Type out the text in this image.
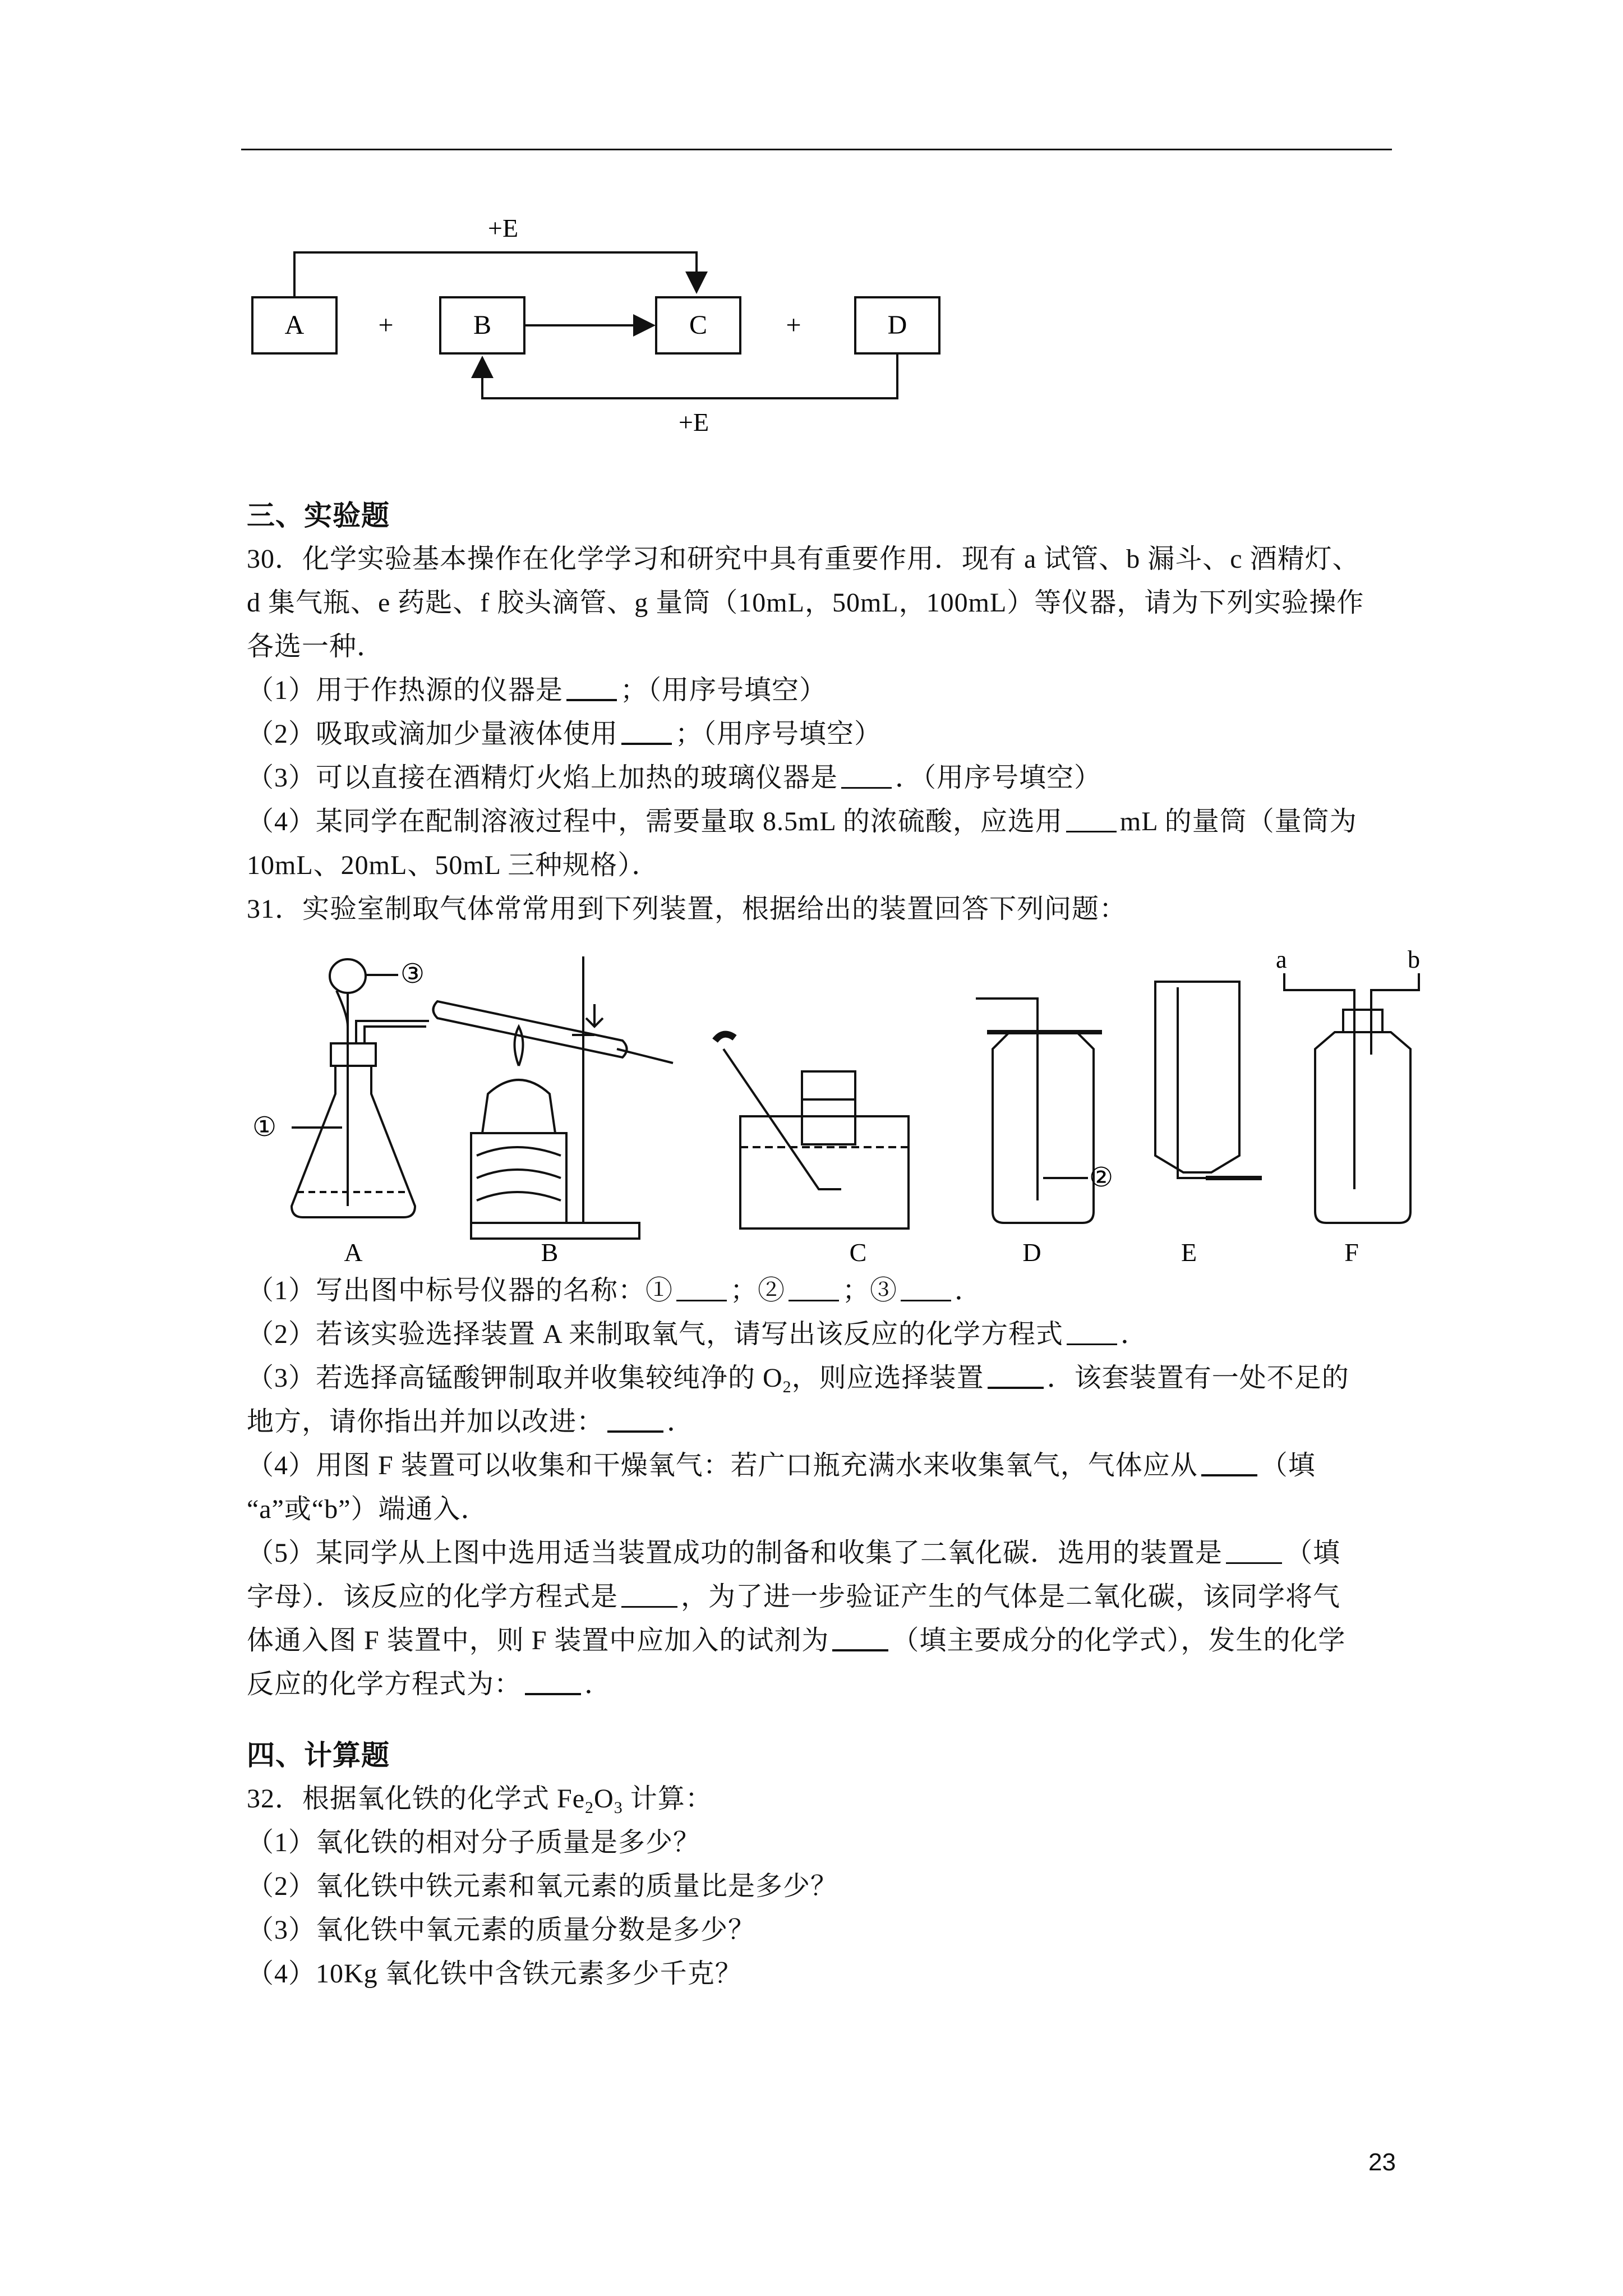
+E
A	+	B	C	+	D
+E
三、实验题
30．化学实验基本操作在化学学习和研究中具有重要作用．现有 a 试管、b 漏斗、c 酒精灯、
d 集气瓶、e 药匙、f 胶头滴管、g 量筒（10mL，50mL，100mL）等仪器，请为下列实验操作
各选一种．
（1）用于作热源的仪器是 ；（用序号填空）
（2）吸取或滴加少量液体使用 ；（用序号填空）
（3）可以直接在酒精灯火焰上加热的玻璃仪器是 ．（用序号填空）
（4）某同学在配制溶液过程中，需要量取 8.5mL 的浓硫酸，应选用 mL 的量筒（量筒为
10mL、20mL、50mL 三种规格）．
31．实验室制取气体常常用到下列装置，根据给出的装置回答下列问题：
③
①
②
a	b
A	B	C	D	E	F
（1）写出图中标号仪器的名称：① ；② ；③ ．
（2）若该实验选择装置 A 来制取氧气，请写出该反应的化学方程式 ．
（3）若选择高锰酸钾制取并收集较纯净的 $O_2$，则应选择装置 ．该套装置有一处不足的
地方，请你指出并加以改进： ．
（4）用图 F 装置可以收集和干燥氧气：若广口瓶充满水来收集氧气，气体应从 （填
“a”或“b”）端通入．
（5）某同学从上图中选用适当装置成功的制备和收集了二氧化碳．选用的装置是 （填
字母）．该反应的化学方程式是 ，为了进一步验证产生的气体是二氧化碳，该同学将气
体通入图 F 装置中，则 F 装置中应加入的试剂为 （填主要成分的化学式），发生的化学
反应的化学方程式为： ．
四、计算题
32．根据氧化铁的化学式 $Fe_2O_3$ 计算：
（1）氧化铁的相对分子质量是多少？
（2）氧化铁中铁元素和氧元素的质量比是多少？
（3）氧化铁中氧元素的质量分数是多少？
（4）10Kg 氧化铁中含铁元素多少千克？
23
